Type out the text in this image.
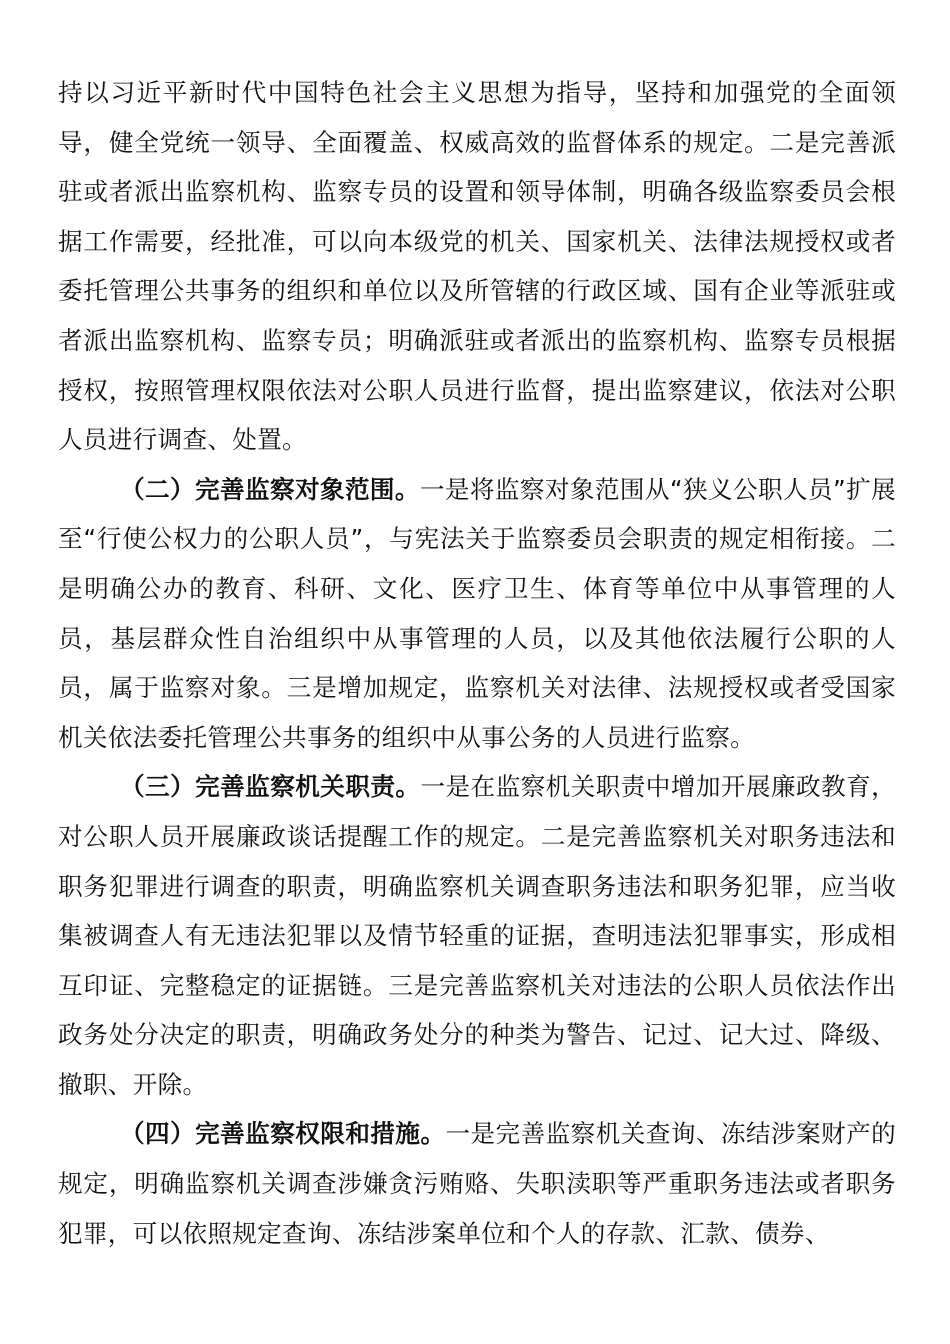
持以习近平新时代中国特色社会主义思想为指导，坚持和加强党的全面领导，健全党统一领导、全面覆盖、权威高效的监督体系的规定。二是完善派驻或者派出监察机构、监察专员的设置和领导体制，明确各级监察委员会根据工作需要，经批准，可以向本级党的机关、国家机关、法律法规授权或者委托管理公共事务的组织和单位以及所管辖的行政区域、国有企业等派驻或者派出监察机构、监察专员；明确派驻或者派出的监察机构、监察专员根据授权，按照管理权限依法对公职人员进行监督，提出监察建议，依法对公职人员进行调查、处置。

（二）完善监察对象范围。一是将监察对象范围从“狭义公职人员”扩展至“行使公权力的公职人员”，与宪法关于监察委员会职责的规定相衔接。二是明确公办的教育、科研、文化、医疗卫生、体育等单位中从事管理的人员，基层群众性自治组织中从事管理的人员，以及其他依法履行公职的人员，属于监察对象。三是增加规定，监察机关对法律、法规授权或者受国家机关依法委托管理公共事务的组织中从事公务的人员进行监察。

（三）完善监察机关职责。一是在监察机关职责中增加开展廉政教育，对公职人员开展廉政谈话提醒工作的规定。二是完善监察机关对职务违法和职务犯罪进行调查的职责，明确监察机关调查职务违法和职务犯罪，应当收集被调查人有无违法犯罪以及情节轻重的证据，查明违法犯罪事实，形成相互印证、完整稳定的证据链。三是完善监察机关对违法的公职人员依法作出政务处分决定的职责，明确政务处分的种类为警告、记过、记大过、降级、撤职、开除。

（四）完善监察权限和措施。一是完善监察机关查询、冻结涉案财产的规定，明确监察机关调查涉嫌贪污贿赂、失职渎职等严重职务违法或者职务犯罪，可以依照规定查询、冻结涉案单位和个人的存款、汇款、债券、
